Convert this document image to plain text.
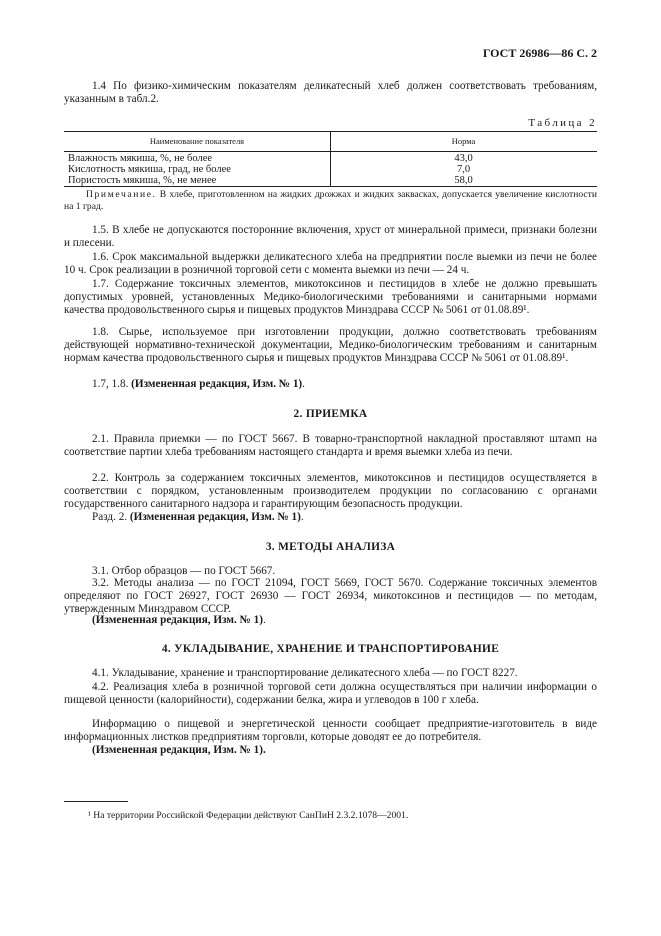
ГОСТ 26986—86 С. 2
1.4 По физико-химическим показателям деликатесный хлеб должен соответствовать требованиям, указанным в табл.2.
Таблица 2
Наименование показателя	Норма
Влажность мякиша, %, не более	43,0
Кислотность мякиша, град, не более	7,0
Пористость мякиша, %, не менее	58,0
Примечание. В хлебе, приготовленном на жидких дрожжах и жидких заквасках, допускается увеличение кислотности на 1 град.
1.5. В хлебе не допускаются посторонние включения, хруст от минеральной примеси, признаки болезни и плесени.
1.6. Срок максимальной выдержки деликатесного хлеба на предприятии после выемки из печи не более 10 ч. Срок реализации в розничной торговой сети с момента выемки из печи — 24 ч.
1.7. Содержание токсичных элементов, микотоксинов и пестицидов в хлебе не должно превышать допустимых уровней, установленных Медико-биологическими требованиями и санитарными нормами качества продовольственного сырья и пищевых продуктов Минздрава СССР № 5061 от 01.08.89¹.
1.8. Сырье, используемое при изготовлении продукции, должно соответствовать требованиям действующей нормативно-технической документации, Медико-биологическим требованиям и санитарным нормам качества продовольственного сырья и пищевых продуктов Минздрава СССР № 5061 от 01.08.89¹.
1.7, 1.8. (Измененная редакция, Изм. № 1).
2. ПРИЕМКА
2.1. Правила приемки — по ГОСТ 5667. В товарно-транспортной накладной проставляют штамп на соответствие партии хлеба требованиям настоящего стандарта и время выемки хлеба из печи.
2.2. Контроль за содержанием токсичных элементов, микотоксинов и пестицидов осуществляется в соответствии с порядком, установленным производителем продукции по согласованию с органами государственного санитарного надзора и гарантирующим безопасность продукции.
Разд. 2. (Измененная редакция, Изм. № 1).
3. МЕТОДЫ АНАЛИЗА
3.1. Отбор образцов — по ГОСТ 5667.
3.2. Методы анализа — по ГОСТ 21094, ГОСТ 5669, ГОСТ 5670. Содержание токсичных элементов определяют по ГОСТ 26927, ГОСТ 26930 — ГОСТ 26934, микотоксинов и пестицидов — по методам, утвержденным Минздравом СССР.
(Измененная редакция, Изм. № 1).
4. УКЛАДЫВАНИЕ, ХРАНЕНИЕ И ТРАНСПОРТИРОВАНИЕ
4.1. Укладывание, хранение и транспортирование деликатесного хлеба — по ГОСТ 8227.
4.2. Реализация хлеба в розничной торговой сети должна осуществляться при наличии информации о пищевой ценности (калорийности), содержании белка, жира и углеводов в 100 г хлеба.
Информацию о пищевой и энергетической ценности сообщает предприятие-изготовитель в виде информационных листков предприятиям торговли, которые доводят ее до потребителя.
(Измененная редакция, Изм. № 1).
¹ На территории Российской Федерации действуют СанПиН 2.3.2.1078—2001.
